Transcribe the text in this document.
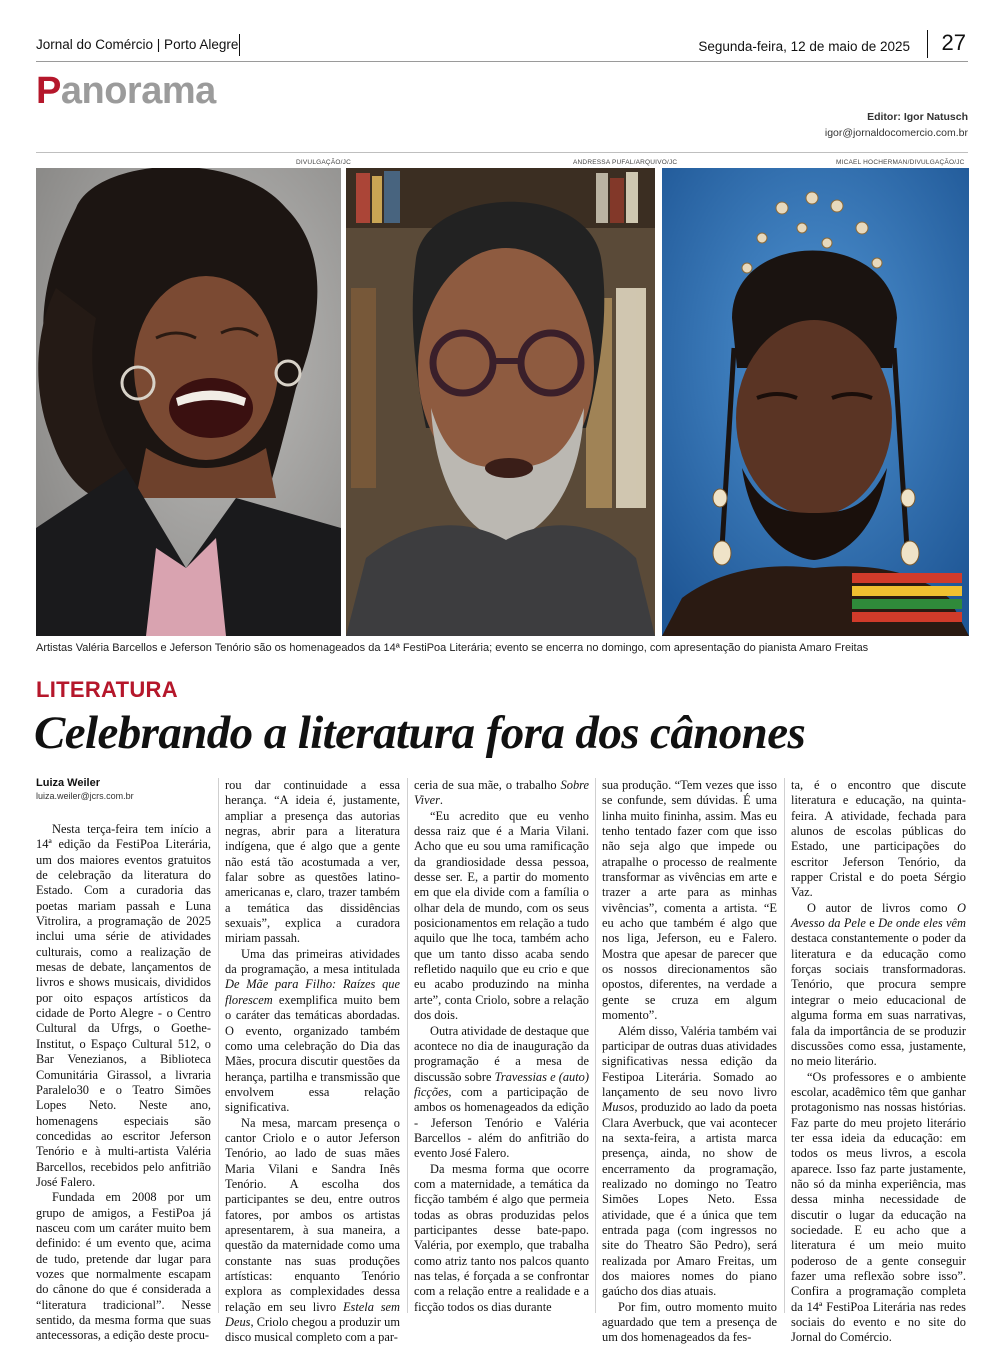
Jornal do Comércio | Porto Alegre	Segunda-feira, 12 de maio de 2025 27
Panorama
Editor: Igor Natusch
igor@jornaldocomercio.com.br
DIVULGAÇÃO/JC	ANDRESSA PUFAL/ARQUIVO/JC	MICAEL HOCHERMAN/DIVULGAÇÃO/JC
Artistas Valéria Barcellos e Jeferson Tenório são os homenageados da 14ª FestiPoa Literária; evento se encerra no domingo, com apresentação do pianista Amaro Freitas
LITERATURA
Celebrando a literatura fora dos cânones
Luiza Weiler
luiza.weiler@jcrs.com.br

Nesta terça-feira tem início a 14ª edição da FestiPoa Literária, um dos maiores eventos gratuitos de celebração da literatura do Estado. Com a curadoria das poetas mariam passah e Luna Vitrolira, a programação de 2025 inclui uma série de atividades culturais, como a realização de mesas de debate, lançamentos de livros e shows musicais, divididos por oito espaços artísticos da cidade de Porto Alegre - o Centro Cultural da Ufrgs, o Goethe-Institut, o Espaço Cultural 512, o Bar Venezianos, a Biblioteca Comunitária Girassol, a livraria Paralelo30 e o Teatro Simões Lopes Neto. Neste ano, homenagens especiais são concedidas ao escritor Jeferson Tenório e à multi-artista Valéria Barcellos, recebidos pelo anfitrião José Falero.

Fundada em 2008 por um grupo de amigos, a FestiPoa já nasceu com um caráter muito bem definido: é um evento que, acima de tudo, pretende dar lugar para vozes que normalmente escapam do cânone do que é considerada a “literatura tradicional”. Nesse sentido, da mesma forma que suas antecessoras, a edição deste procu-

rou dar continuidade a essa herança. “A ideia é, justamente, ampliar a presença das autorias negras, abrir para a literatura indígena, que é algo que a gente não está tão acostumada a ver, falar sobre as questões latino-americanas e, claro, trazer também a temática das dissidências sexuais”, explica a curadora miriam passah.

Uma das primeiras atividades da programação, a mesa intitulada De Mãe para Filho: Raízes que florescem exemplifica muito bem o caráter das temáticas abordadas. O evento, organizado também como uma celebração do Dia das Mães, procura discutir questões da herança, partilha e transmissão que envolvem essa relação significativa.

Na mesa, marcam presença o cantor Criolo e o autor Jeferson Tenório, ao lado de suas mães Maria Vilani e Sandra Inês Tenório. A escolha dos participantes se deu, entre outros fatores, por ambos os artistas apresentarem, à sua maneira, a questão da maternidade como uma constante nas suas produções artísticas: enquanto Tenório explora as complexidades dessa relação em seu livro Estela sem Deus, Criolo chegou a produzir um disco musical completo com a par-

ceria de sua mãe, o trabalho Sobre Viver.

“Eu acredito que eu venho dessa raiz que é a Maria Vilani. Acho que eu sou uma ramificação da grandiosidade dessa pessoa, desse ser. E, a partir do momento em que ela divide com a família o olhar dela de mundo, com os seus posicionamentos em relação a tudo aquilo que lhe toca, também acho que um tanto disso acaba sendo refletido naquilo que eu crio e que eu acabo produzindo na minha arte”, conta Criolo, sobre a relação dos dois.

Outra atividade de destaque que acontece no dia de inauguração da programação é a mesa de discussão sobre Travessias e (auto) ficções, com a participação de ambos os homenageados da edição - Jeferson Tenório e Valéria Barcellos - além do anfitrião do evento José Falero.

Da mesma forma que ocorre com a maternidade, a temática da ficção também é algo que permeia todas as obras produzidas pelos participantes desse bate-papo. Valéria, por exemplo, que trabalha como atriz tanto nos palcos quanto nas telas, é forçada a se confrontar com a relação entre a realidade e a ficção todos os dias durante

sua produção. “Tem vezes que isso se confunde, sem dúvidas. É uma linha muito fininha, assim. Mas eu tenho tentado fazer com que isso não seja algo que impede ou atrapalhe o processo de realmente transformar as vivências em arte e trazer a arte para as minhas vivências”, comenta a artista. “E eu acho que também é algo que nos liga, Jeferson, eu e Falero. Mostra que apesar de parecer que os nossos direcionamentos são opostos, diferentes, na verdade a gente se cruza em algum momento”.

Além disso, Valéria também vai participar de outras duas atividades significativas nessa edição da Festipoa Literária. Somado ao lançamento de seu novo livro Musos, produzido ao lado da poeta Clara Averbuck, que vai acontecer na sexta-feira, a artista marca presença, ainda, no show de encerramento da programação, realizado no domingo no Teatro Simões Lopes Neto. Essa atividade, que é a única que tem entrada paga (com ingressos no site do Theatro São Pedro), será realizada por Amaro Freitas, um dos maiores nomes do piano gaúcho dos dias atuais.

Por fim, outro momento muito aguardado que tem a presença de um dos homenageados da fes-

ta, é o encontro que discute literatura e educação, na quinta-feira. A atividade, fechada para alunos de escolas públicas do Estado, une participações do escritor Jeferson Tenório, da rapper Cristal e do poeta Sérgio Vaz.

O autor de livros como O Avesso da Pele e De onde eles vêm destaca constantemente o poder da literatura e da educação como forças sociais transformadoras. Tenório, que procura sempre integrar o meio educacional de alguma forma em suas narrativas, fala da importância de se produzir discussões como essa, justamente, no meio literário.

“Os professores e o ambiente escolar, acadêmico têm que ganhar protagonismo nas nossas histórias. Faz parte do meu projeto literário ter essa ideia da educação: em todos os meus livros, a escola aparece. Isso faz parte justamente, não só da minha experiência, mas dessa minha necessidade de discutir o lugar da educação na sociedade. E eu acho que a literatura é um meio muito poderoso de a gente conseguir fazer uma reflexão sobre isso”. Confira a programação completa da 14ª FestiPoa Literária nas redes sociais do evento e no site do Jornal do Comércio.
